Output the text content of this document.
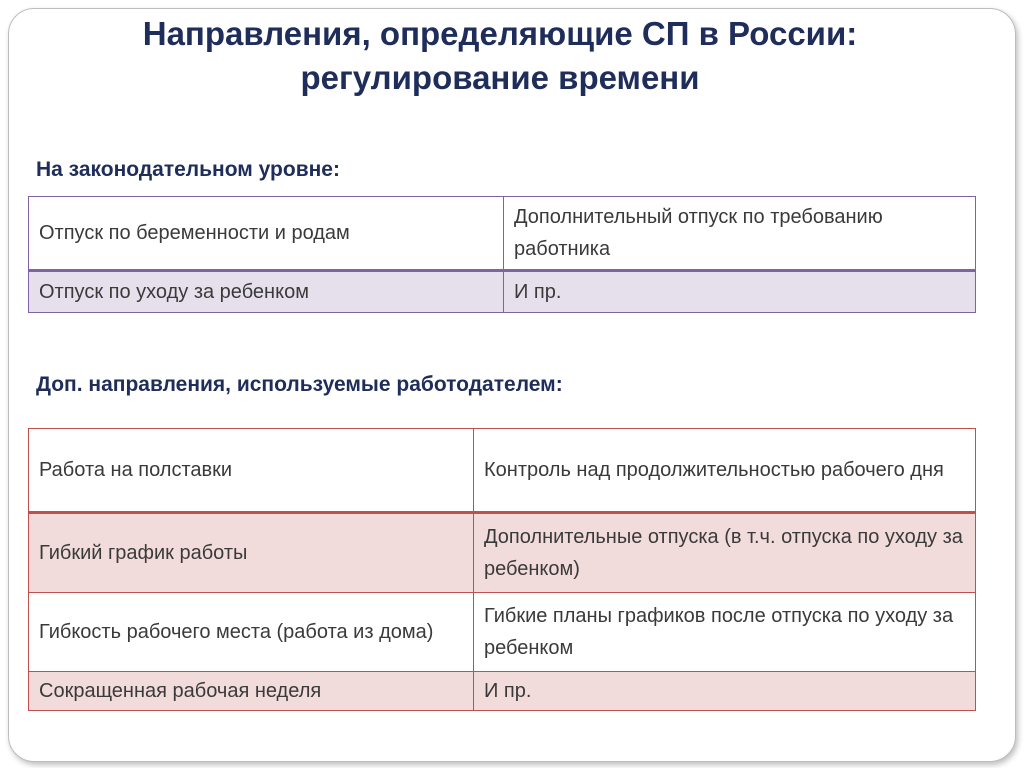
Направления, определяющие СП в России:
регулирование времени
На законодательном уровне:
Отпуск по беременности и родам	Дополнительный отпуск по требованию работника
Отпуск по уходу за ребенком	И пр.
Доп. направления, используемые работодателем:
Работа на полставки	Контроль над продолжительностью рабочего дня
Гибкий график работы	Дополнительные отпуска (в т.ч. отпуска по уходу за ребенком)
Гибкость рабочего места (работа из дома)	Гибкие планы графиков после отпуска по уходу за ребенком
Сокращенная рабочая неделя	И пр.
